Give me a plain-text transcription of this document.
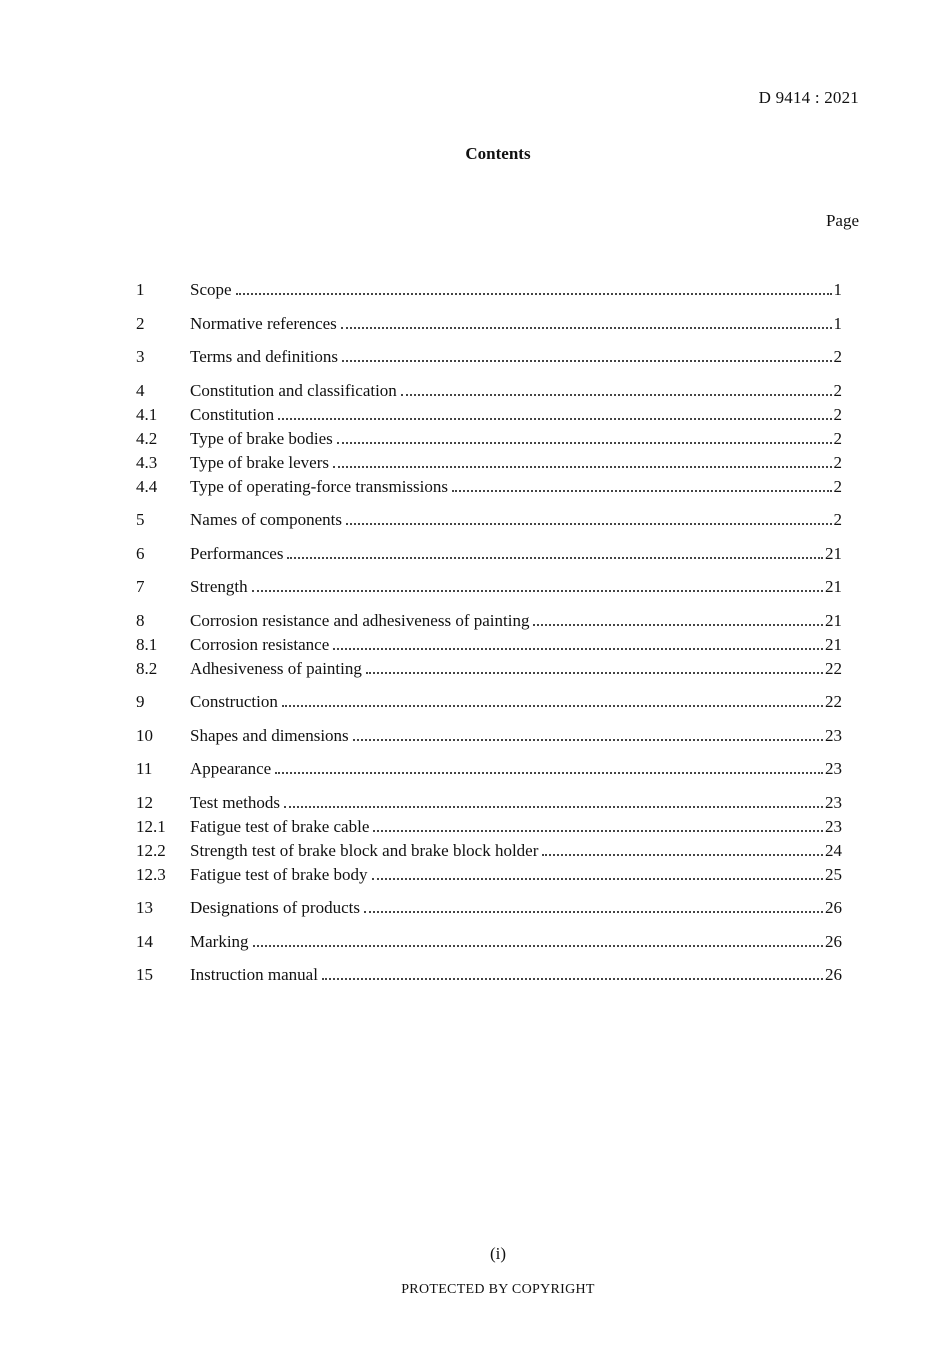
D 9414 : 2021
Contents
Page
1	Scope	1
2	Normative references	1
3	Terms and definitions	2
4	Constitution and classification	2
4.1	Constitution	2
4.2	Type of brake bodies	2
4.3	Type of brake levers	2
4.4	Type of operating-force transmissions	2
5	Names of components	2
6	Performances	21
7	Strength	21
8	Corrosion resistance and adhesiveness of painting	21
8.1	Corrosion resistance	21
8.2	Adhesiveness of painting	22
9	Construction	22
10	Shapes and dimensions	23
11	Appearance	23
12	Test methods	23
12.1	Fatigue test of brake cable	23
12.2	Strength test of brake block and brake block holder	24
12.3	Fatigue test of brake body	25
13	Designations of products	26
14	Marking	26
15	Instruction manual	26
(i)
PROTECTED BY COPYRIGHT
